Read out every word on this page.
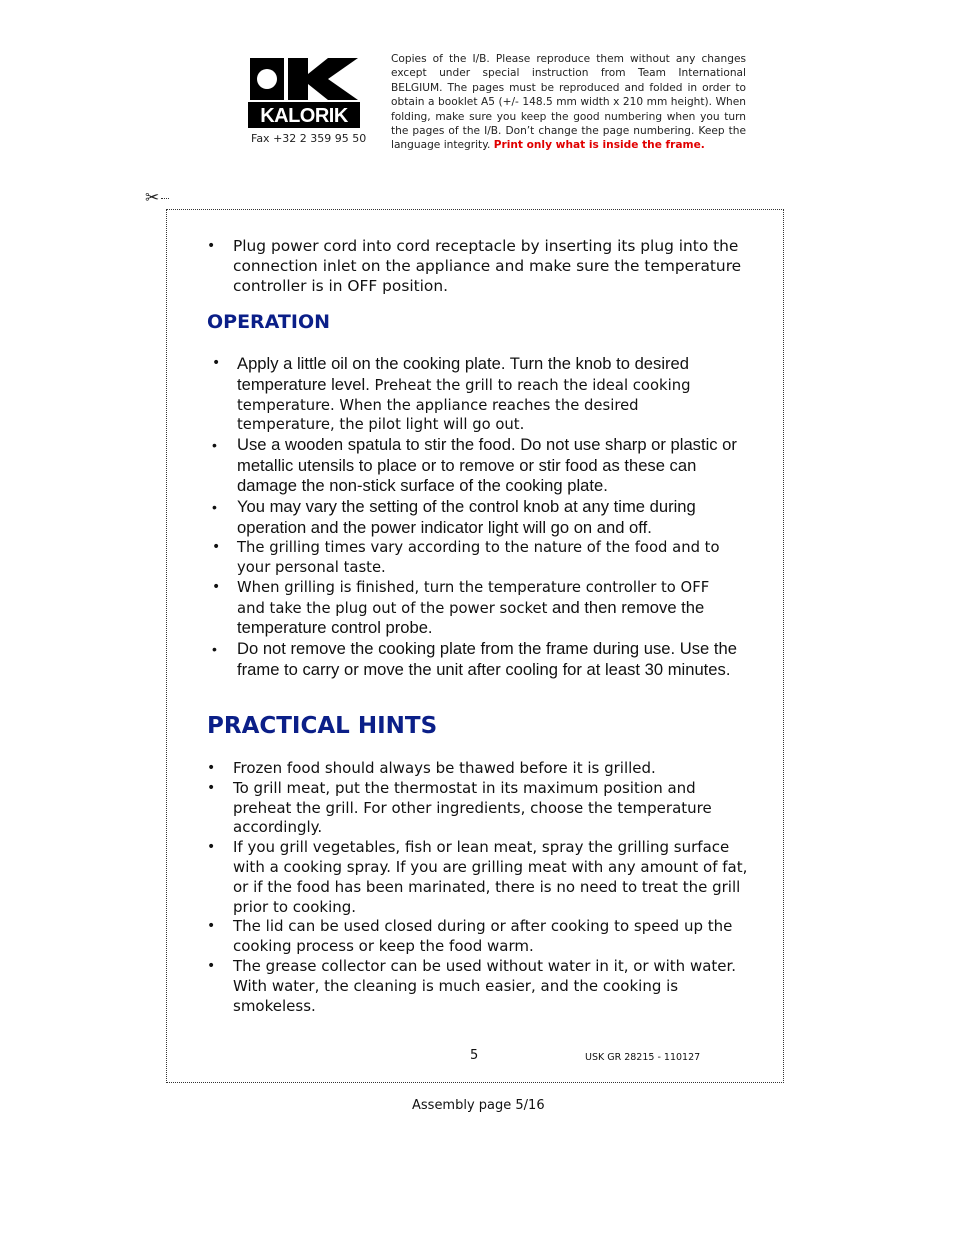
KALORIK
Fax +32 2 359 95 50
Copies of the I/B. Please reproduce them without any changes except under special instruction from Team International BELGIUM. The pages must be reproduced and folded in order to obtain a booklet A5 (+/- 148.5 mm width x 210 mm height). When folding, make sure you keep the good numbering when you turn the pages of the I/B. Don’t change the page numbering. Keep the language integrity. Print only what is inside the frame.
✂
• Plug power cord into cord receptacle by inserting its plug into the connection inlet on the appliance and make sure the temperature controller is in OFF position.
OPERATION
• Apply a little oil on the cooking plate. Turn the knob to desired temperature level. Preheat the grill to reach the ideal cooking temperature. When the appliance reaches the desired temperature, the pilot light will go out.
• Use a wooden spatula to stir the food. Do not use sharp or plastic or metallic utensils to place or to remove or stir food as these can damage the non-stick surface of the cooking plate.
• You may vary the setting of the control knob at any time during operation and the power indicator light will go on and off.
• The grilling times vary according to the nature of the food and to your personal taste.
• When grilling is finished, turn the temperature controller to OFF and take the plug out of the power socket and then remove the temperature control probe.
• Do not remove the cooking plate from the frame during use. Use the frame to carry or move the unit after cooling for at least 30 minutes.
PRACTICAL HINTS
• Frozen food should always be thawed before it is grilled.
• To grill meat, put the thermostat in its maximum position and preheat the grill. For other ingredients, choose the temperature accordingly.
• If you grill vegetables, fish or lean meat, spray the grilling surface with a cooking spray. If you are grilling meat with any amount of fat, or if the food has been marinated, there is no need to treat the grill prior to cooking.
• The lid can be used closed during or after cooking to speed up the cooking process or keep the food warm.
• The grease collector can be used without water in it, or with water. With water, the cleaning is much easier, and the cooking is smokeless.
5	USK GR 28215 - 110127
Assembly page 5/16
